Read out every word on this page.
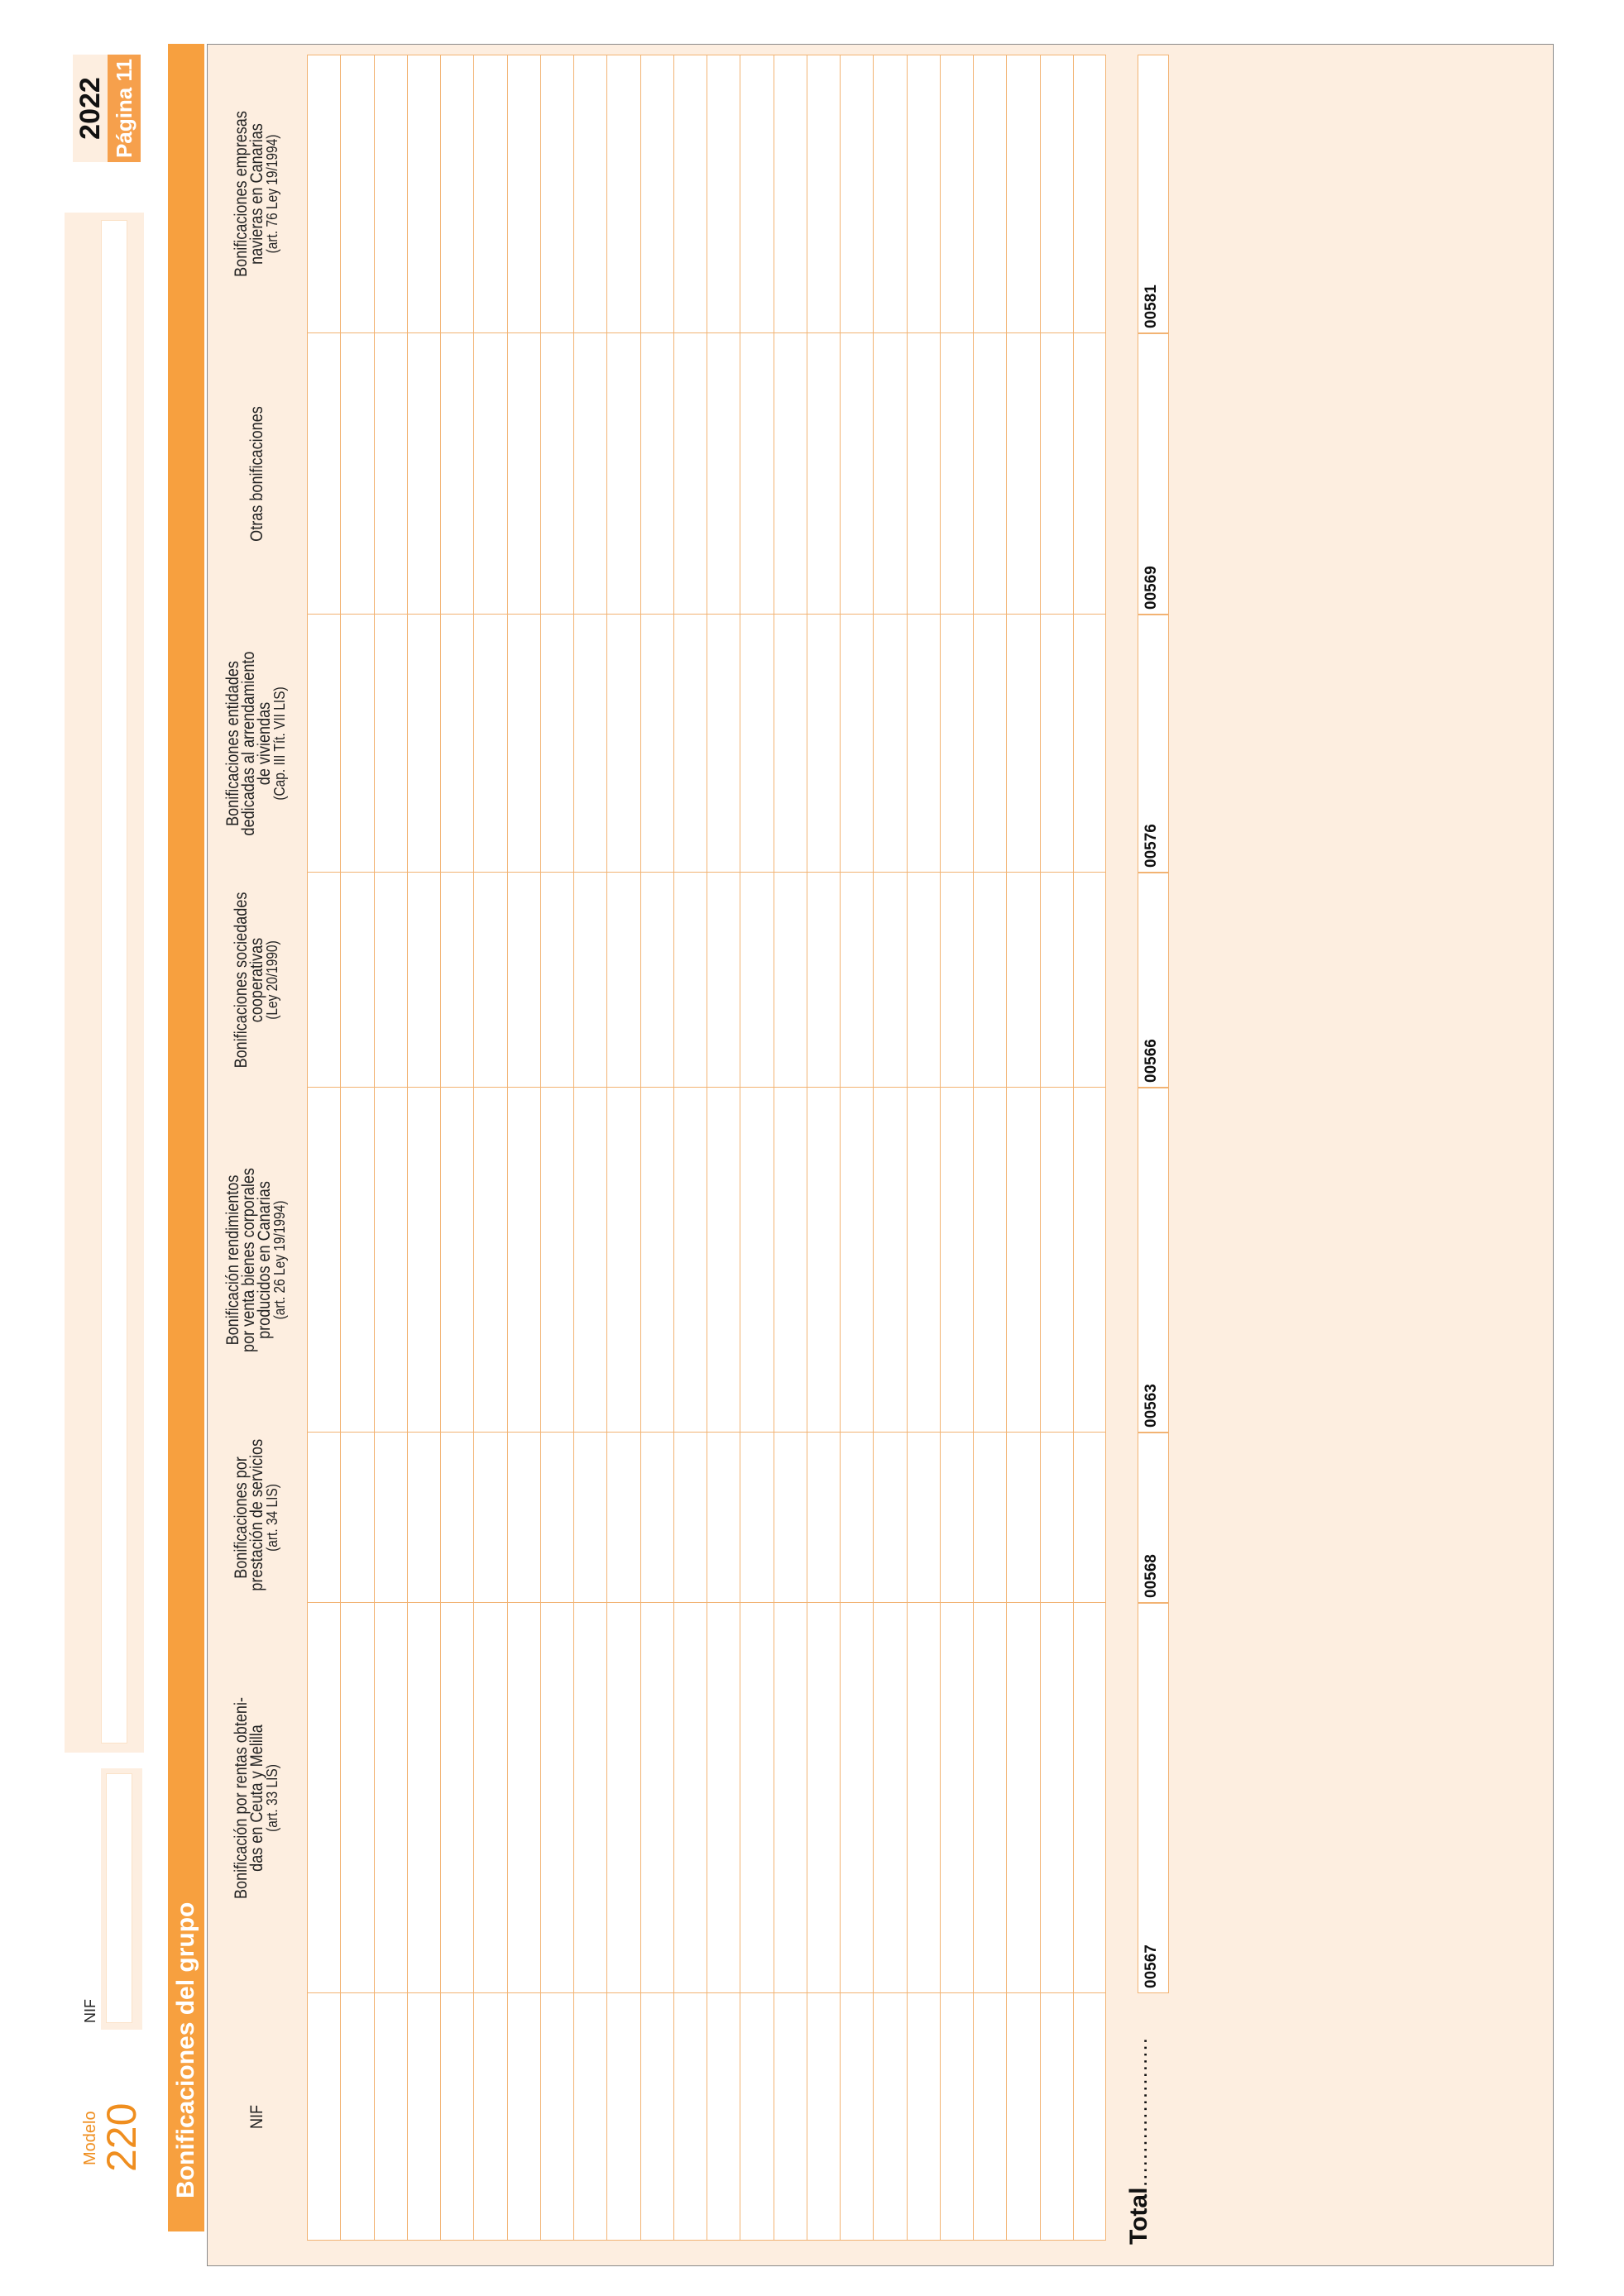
Modelo 220
NIF
2022 Página 11
Bonificaciones del grupo	NIF
Bonificación por rentas obteni-
das en Ceuta y Melilla
(art. 33 LIS)
Bonificaciones por
prestación de servicios
(art. 34 LIS)
Bonificación rendimientos
por venta bienes corporales
producidos en Canarias
(art. 26 Ley 19/1994)
Bonificaciones sociedades
cooperativas
(Ley 20/1990)
Bonificaciones entidades
dedicadas al arrendamiento
de viviendas
(Cap. III Tít. VII LIS)
Otras bonificaciones
Bonificaciones empresas
navieras en Canarias
(art. 76 Ley 19/1994)
Total
......................
00567
00568
00563
00566
00576
00569
00581
